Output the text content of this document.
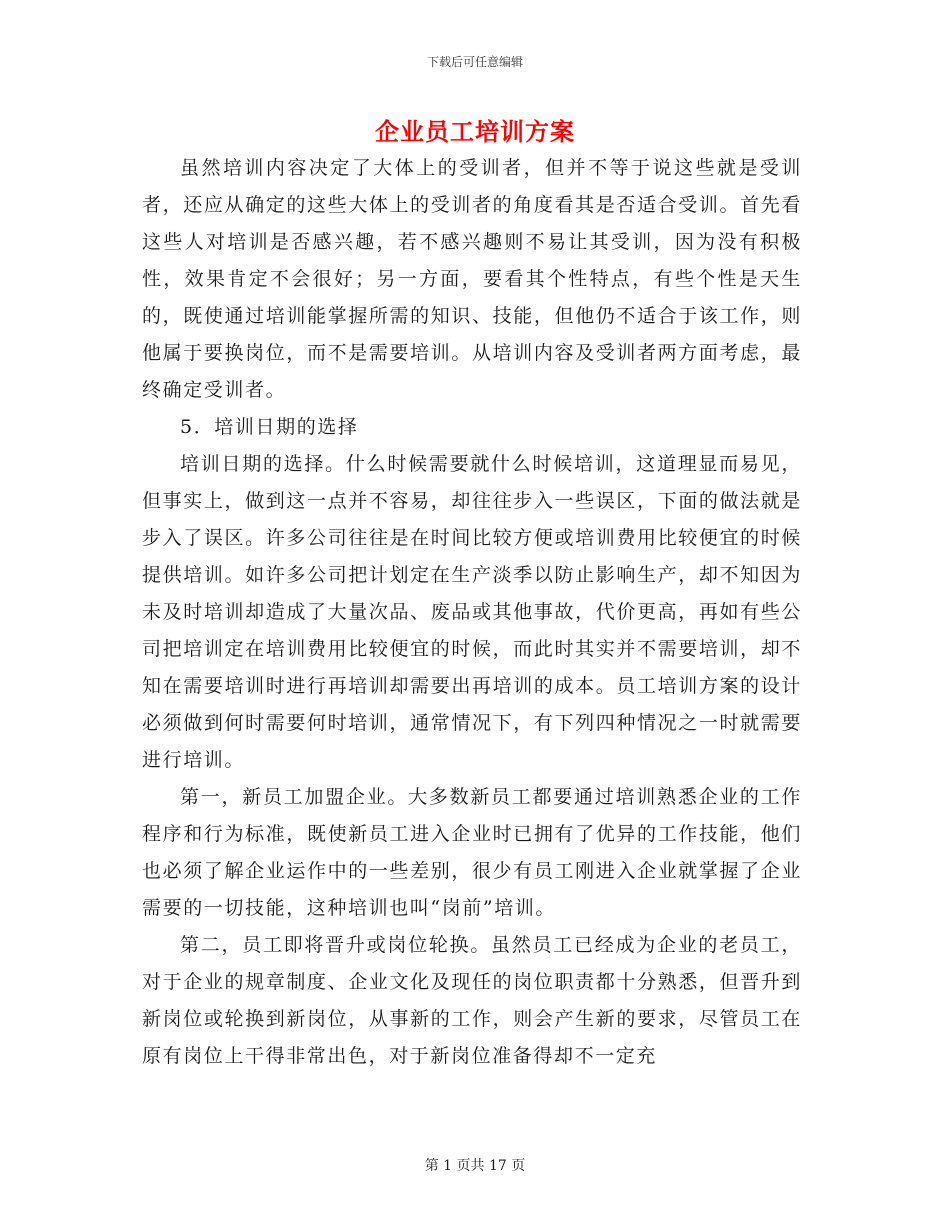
下载后可任意编辑
企业员工培训方案

虽然培训内容决定了大体上的受训者，但并不等于说这些就是受训者，还应从确定的这些大体上的受训者的角度看其是否适合受训。首先看这些人对培训是否感兴趣，若不感兴趣则不易让其受训，因为没有积极性，效果肯定不会很好；另一方面，要看其个性特点，有些个性是天生的，既使通过培训能掌握所需的知识、技能，但他仍不适合于该工作，则他属于要换岗位，而不是需要培训。从培训内容及受训者两方面考虑，最终确定受训者。

5．培训日期的选择

培训日期的选择。什么时候需要就什么时候培训，这道理显而易见，但事实上，做到这一点并不容易，却往往步入一些误区，下面的做法就是步入了误区。许多公司往往是在时间比较方便或培训费用比较便宜的时候提供培训。如许多公司把计划定在生产淡季以防止影响生产，却不知因为未及时培训却造成了大量次品、废品或其他事故，代价更高，再如有些公司把培训定在培训费用比较便宜的时候，而此时其实并不需要培训，却不知在需要培训时进行再培训却需要出再培训的成本。员工培训方案的设计必须做到何时需要何时培训，通常情况下，有下列四种情况之一时就需要进行培训。

第一，新员工加盟企业。大多数新员工都要通过培训熟悉企业的工作程序和行为标准，既使新员工进入企业时已拥有了优异的工作技能，他们也必须了解企业运作中的一些差别，很少有员工刚进入企业就掌握了企业需要的一切技能，这种培训也叫“岗前”培训。

第二，员工即将晋升或岗位轮换。虽然员工已经成为企业的老员工，对于企业的规章制度、企业文化及现任的岗位职责都十分熟悉，但晋升到新岗位或轮换到新岗位，从事新的工作，则会产生新的要求，尽管员工在原有岗位上干得非常出色，对于新岗位准备得却不一定充

第 1 页共 17 页
